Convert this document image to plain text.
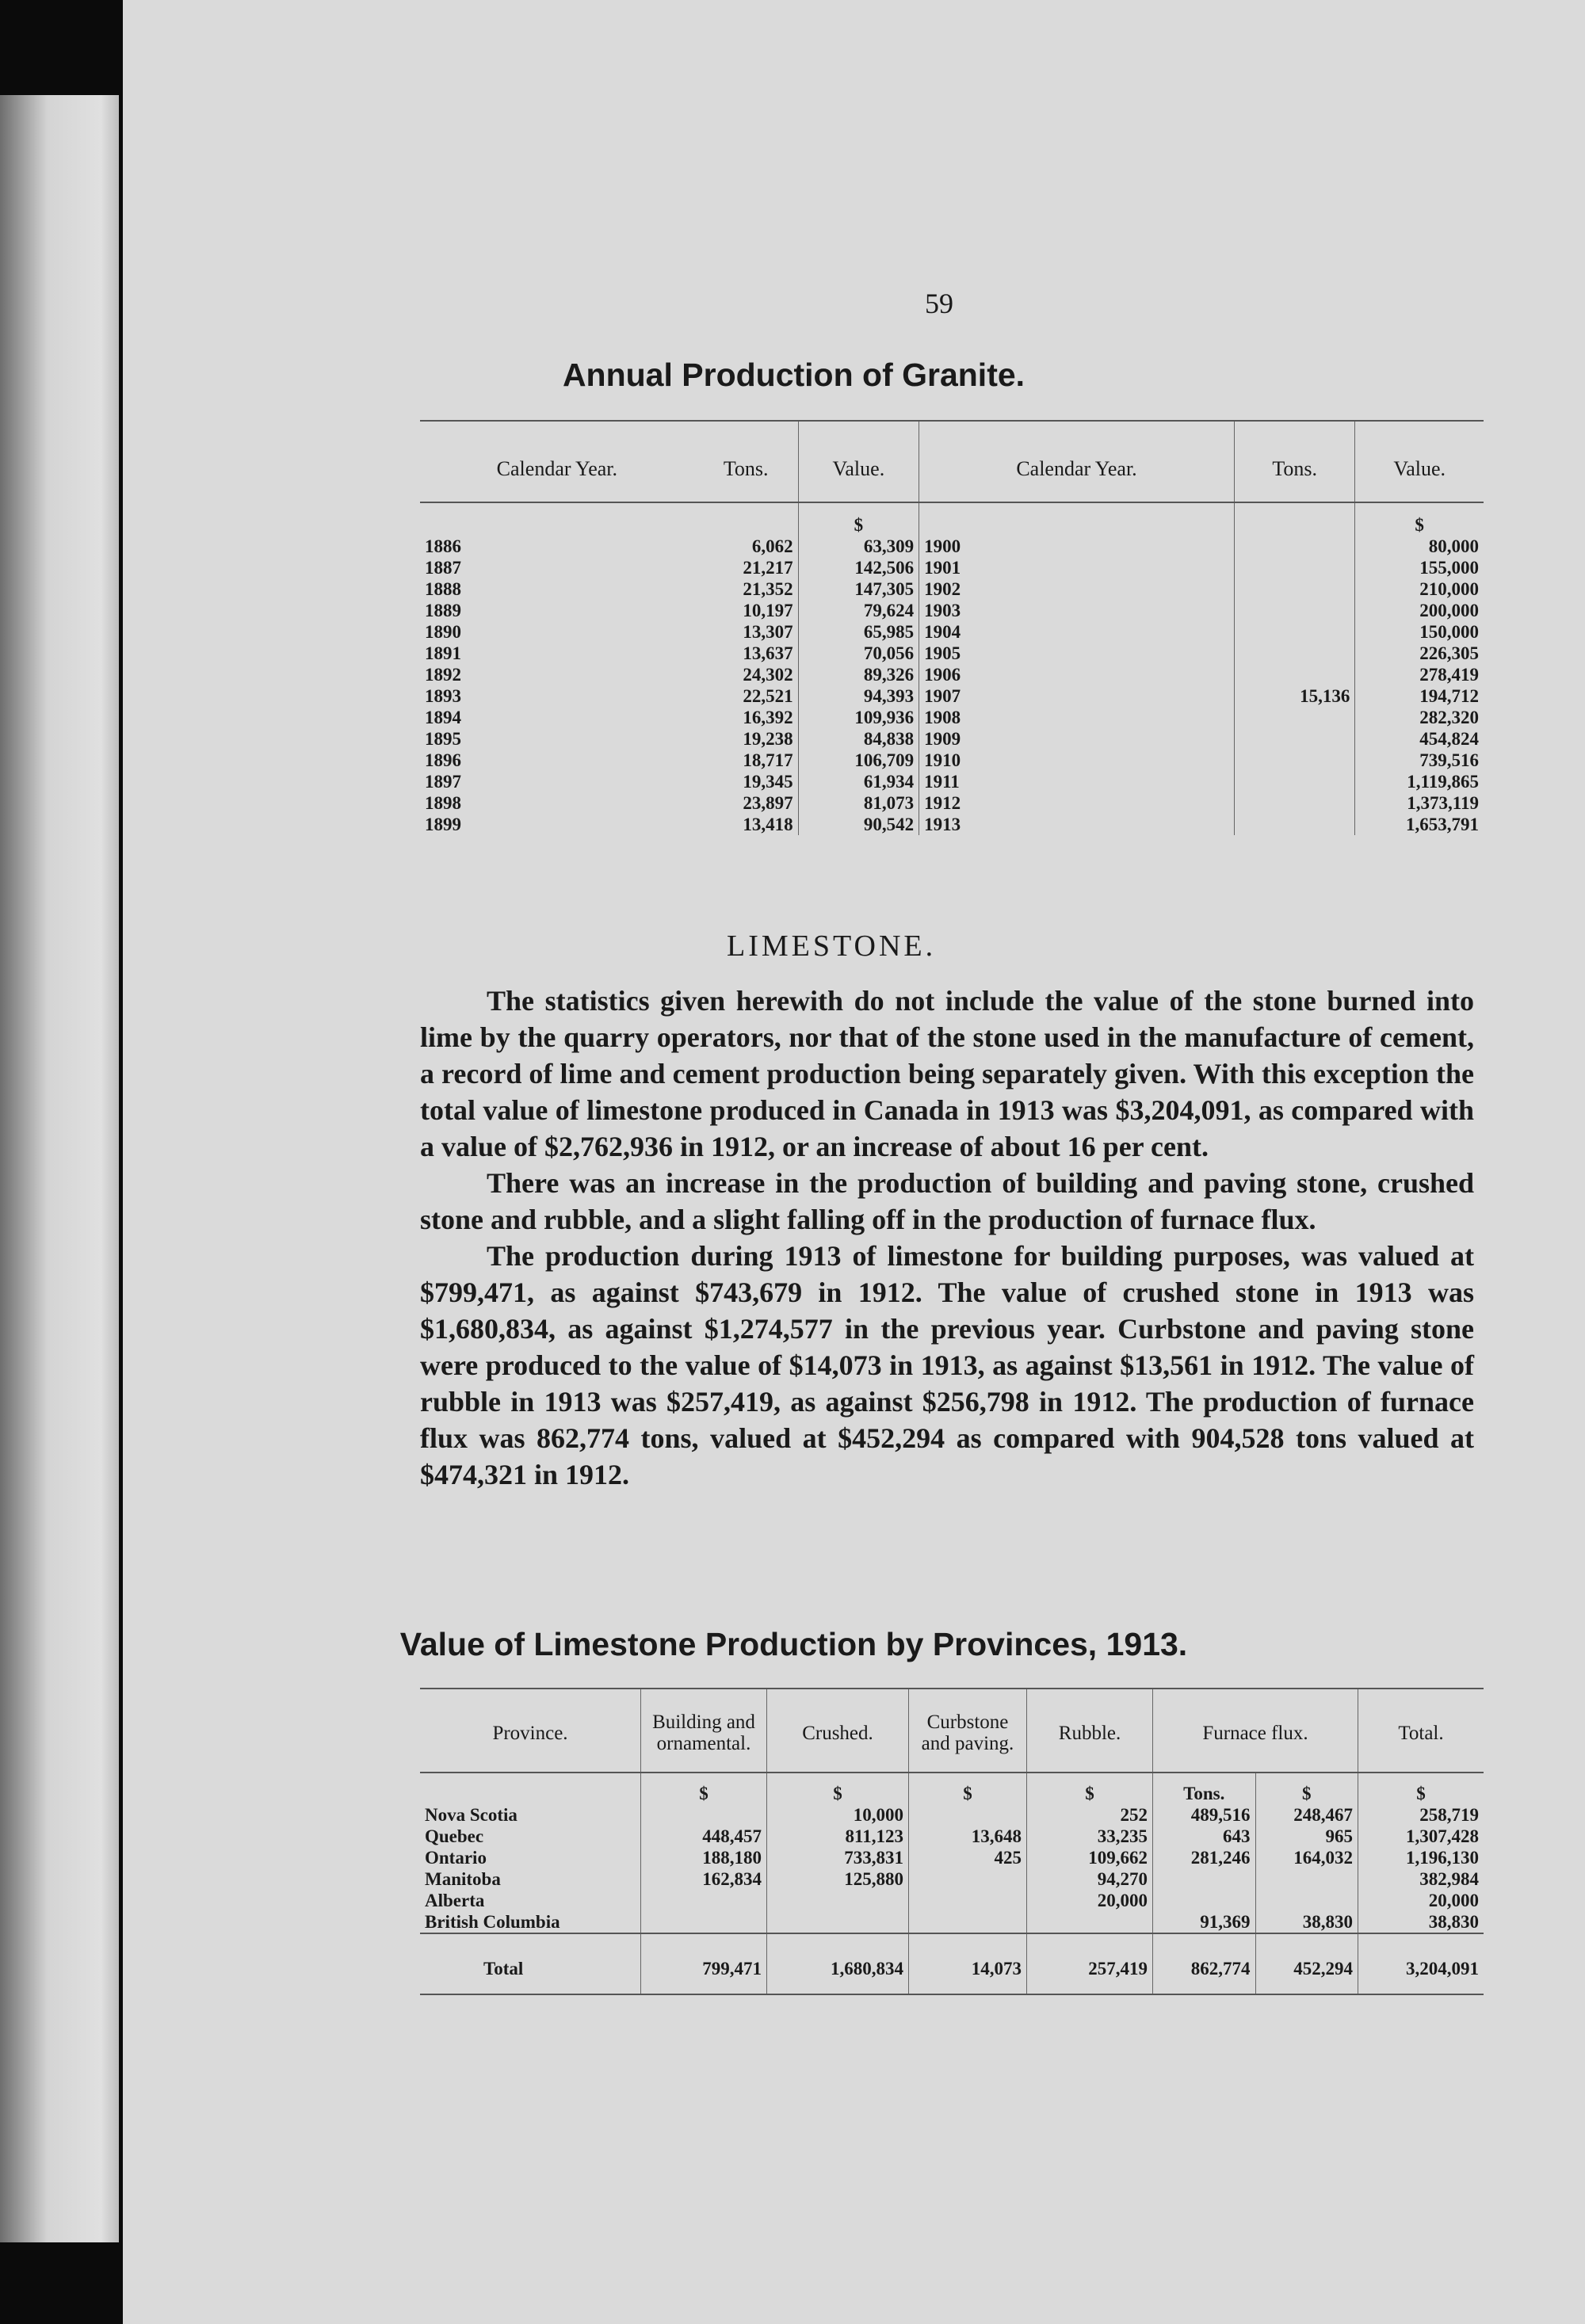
59
Annual Production of Granite.
Calendar Year.	Tons.	Value.	Calendar Year.	Tons.	Value.
		$			$
1886	6,062	63,309	1900		80,000
1887	21,217	142,506	1901		155,000
1888	21,352	147,305	1902		210,000
1889	10,197	79,624	1903		200,000
1890	13,307	65,985	1904		150,000
1891	13,637	70,056	1905		226,305
1892	24,302	89,326	1906		278,419
1893	22,521	94,393	1907	15,136	194,712
1894	16,392	109,936	1908		282,320
1895	19,238	84,838	1909		454,824
1896	18,717	106,709	1910		739,516
1897	19,345	61,934	1911		1,119,865
1898	23,897	81,073	1912		1,373,119
1899	13,418	90,542	1913		1,653,791
LIMESTONE.

The statistics given herewith do not include the value of the stone burned into lime by the quarry operators, nor that of the stone used in the manufacture of cement, a record of lime and cement production being separately given. With this exception the total value of limestone produced in Canada in 1913 was $3,204,091, as compared with a value of $2,762,936 in 1912, or an increase of about 16 per cent.

There was an increase in the production of building and paving stone, crushed stone and rubble, and a slight falling off in the production of furnace flux.

The production during 1913 of limestone for building purposes, was valued at $799,471, as against $743,679 in 1912. The value of crushed stone in 1913 was $1,680,834, as against $1,274,577 in the previous year. Curbstone and paving stone were produced to the value of $14,073 in 1913, as against $13,561 in 1912. The value of rubble in 1913 was $257,419, as against $256,798 in 1912. The production of furnace flux was 862,774 tons, valued at $452,294 as compared with 904,528 tons valued at $474,321 in 1912.

Value of Limestone Production by Provinces, 1913.
Province.	Building and ornamental.	Crushed.	Curbstone and paving.	Rubble.	Furnace flux.		Total.
	$	$	$	$	Tons.	$	$
Nova Scotia		10,000		252	489,516	248,467	258,719
Quebec	448,457	811,123	13,648	33,235	643	965	1,307,428
Ontario	188,180	733,831	425	109,662	281,246	164,032	1,196,130
Manitoba	162,834	125,880		94,270			382,984
Alberta				20,000			20,000
British Columbia					91,369	38,830	38,830
Total	799,471	1,680,834	14,073	257,419	862,774	452,294	3,204,091
